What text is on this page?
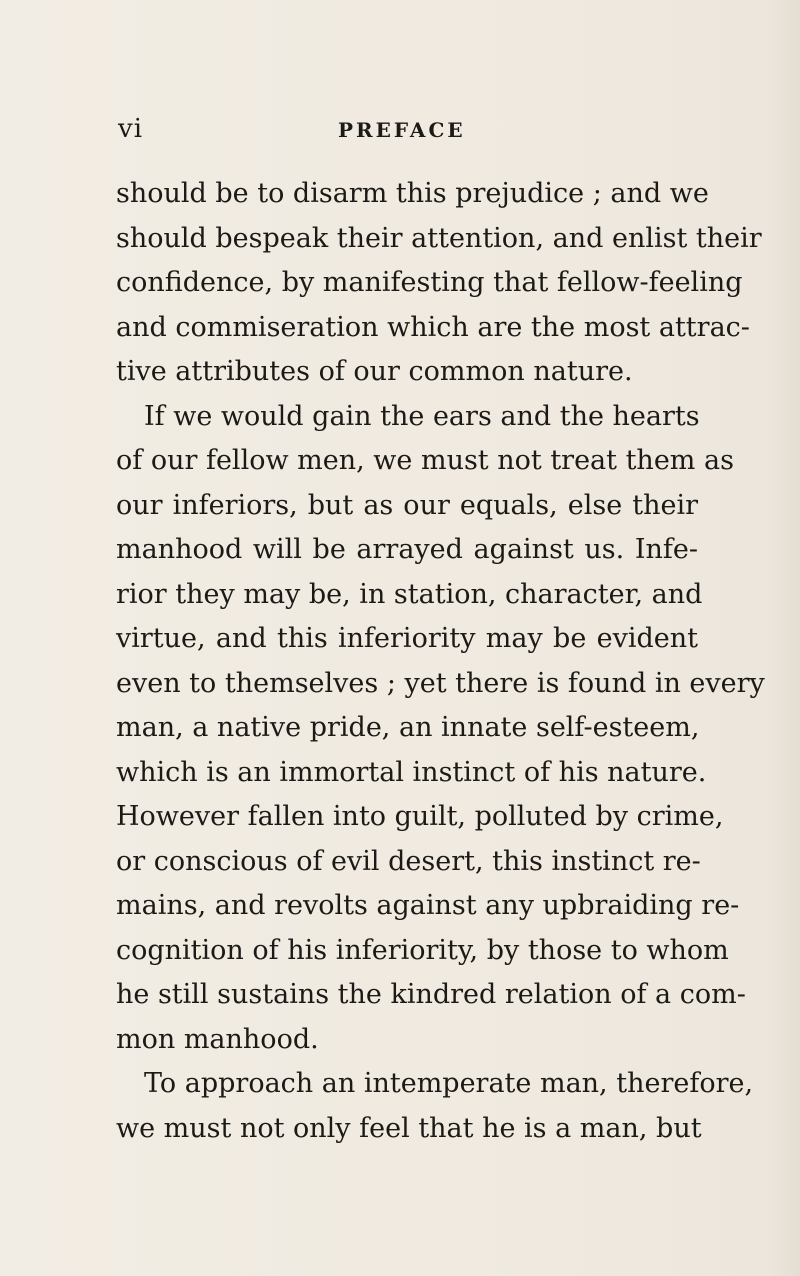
vi	PREFACE
should be to disarm this prejudice ; and we
should bespeak their attention, and enlist their
confidence, by manifesting that fellow-feeling
and commiseration which are the most attrac-
tive attributes of our common nature.
If we would gain the ears and the hearts
of our fellow men, we must not treat them as
our inferiors, but as our equals, else their
manhood will be arrayed against us. Infe-
rior they may be, in station, character, and
virtue, and this inferiority may be evident
even to themselves ; yet there is found in every
man, a native pride, an innate self-esteem,
which is an immortal instinct of his nature.
However fallen into guilt, polluted by crime,
or conscious of evil desert, this instinct re-
mains, and revolts against any upbraiding re-
cognition of his inferiority, by those to whom
he still sustains the kindred relation of a com-
mon manhood.
To approach an intemperate man, therefore,
we must not only feel that he is a man, but
